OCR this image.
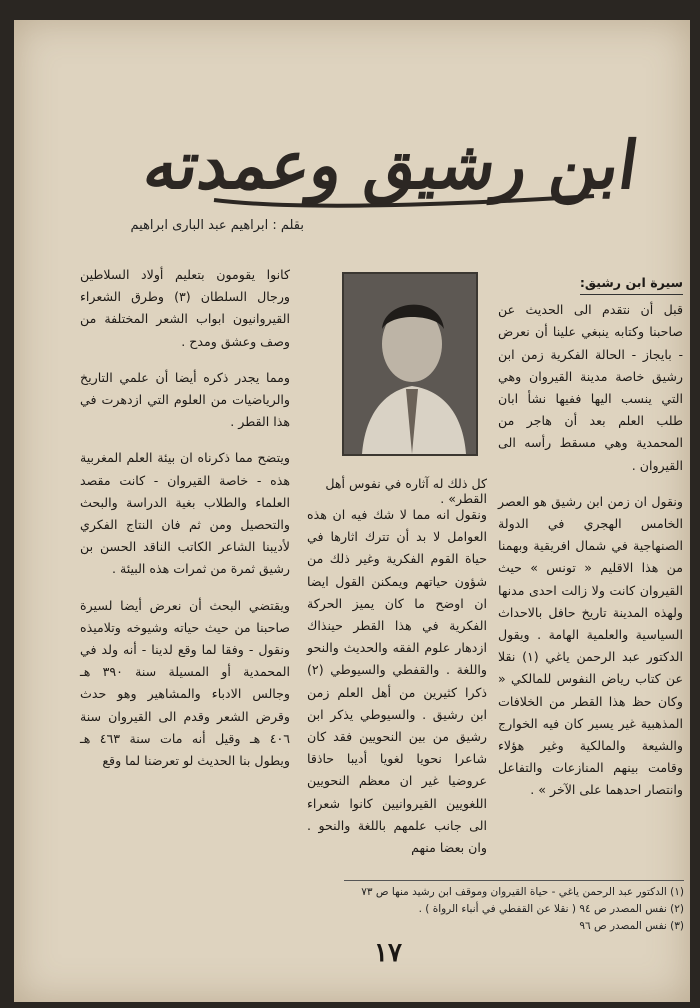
ابن رشيق وعمدته
بقلم : ابراهيم عبد البارى ابراهيم
سيرة ابن رشيق:

قبل أن نتقدم الى الحديث عن صاحبنا وكتابه ينبغي علينا أن نعرض - بايجاز - الحالة الفكرية زمن ابن رشيق خاصة مدينة القيروان وهي التي ينسب اليها ففيها نشأ ابان طلب العلم بعد أن هاجر من المحمدية وهي مسقط رأسه الى القيروان .

ونقول ان زمن ابن رشيق هو العصر الخامس الهجري في الدولة الصنهاجية في شمال افريقية وبهمنا من هذا الاقليم « تونس » حيث القيروان كانت ولا زالت احدى مدنها ولهذه المدينة تاريخ حافل بالاحداث السياسية والعلمية الهامة . ويقول الدكتور عبد الرحمن ياغي (١) نقلا عن كتاب رياض النفوس للمالكي « وكان حظ هذا القطر من الخلافات المذهبية غير يسير كان فيه الخوارج والشيعة والمالكية وغير هؤلاء وقامت بينهم المنازعات والتفاعل وانتصار احدهما على الآخر » .

كل ذلك له آثاره في نفوس أهل القطر» .

ونقول انه مما لا شك فيه ان هذه العوامل لا بد أن تترك اثارها في حياة القوم الفكرية وغير ذلك من شؤون حياتهم ويمكنن القول ايضا ان اوضح ما كان يميز الحركة الفكرية في هذا القطر حينذاك ازدهار علوم الفقه والحديث والنحو واللغة . والقفطي والسيوطي (٢) ذكرا كثيرين من أهل العلم زمن ابن رشيق . والسيوطي يذكر ابن رشيق من بين النحويين فقد كان شاعرا نحويا لغويا أديبا حاذقا عروضيا غير ان معظم النحويين اللغويين القيروانيين كانوا شعراء الى جانب علمهم باللغة والنحو . وان بعضا منهم

كانوا يقومون بتعليم أولاد السلاطين ورجال السلطان (٣) وطرق الشعراء القيروانيون ابواب الشعر المختلفة من وصف وعشق ومدح .

ومما يجدر ذكره أيضا أن علمي التاريخ والرياضيات من العلوم التي ازدهرت في هذا القطر .

ويتضح مما ذكرناه ان بيئة العلم المغربية هذه - خاصة القيروان - كانت مقصد العلماء والطلاب بغية الدراسة والبحث والتحصيل ومن ثم فان النتاج الفكري لأديبنا الشاعر الكاتب الناقد الحسن بن رشيق ثمرة من ثمرات هذه البيئة .

ويقتضي البحث أن نعرض أيضا لسيرة صاحبنا من حيث حياته وشيوخه وتلاميذه ونقول - وفقا لما وقع لدينا - أنه ولد في المحمدية أو المسيلة سنة ٣٩٠ هـ وجالس الادباء والمشاهير وهو حدث وقرض الشعر وقدم الى القيروان سنة ٤٠٦ هـ وقيل أنه مات سنة ٤٦٣ هـ ويطول بنا الحديث لو تعرضنا لما وقع

(١) الدكتور عبد الرحمن ياغي - حياة القيروان وموقف ابن رشيد منها ص ٧٣
(٢) نفس المصدر ص ٩٤ ( نقلا عن القفطي في أنباء الرواة ) .
(٣) نفس المصدر ص ٩٦
١٧
